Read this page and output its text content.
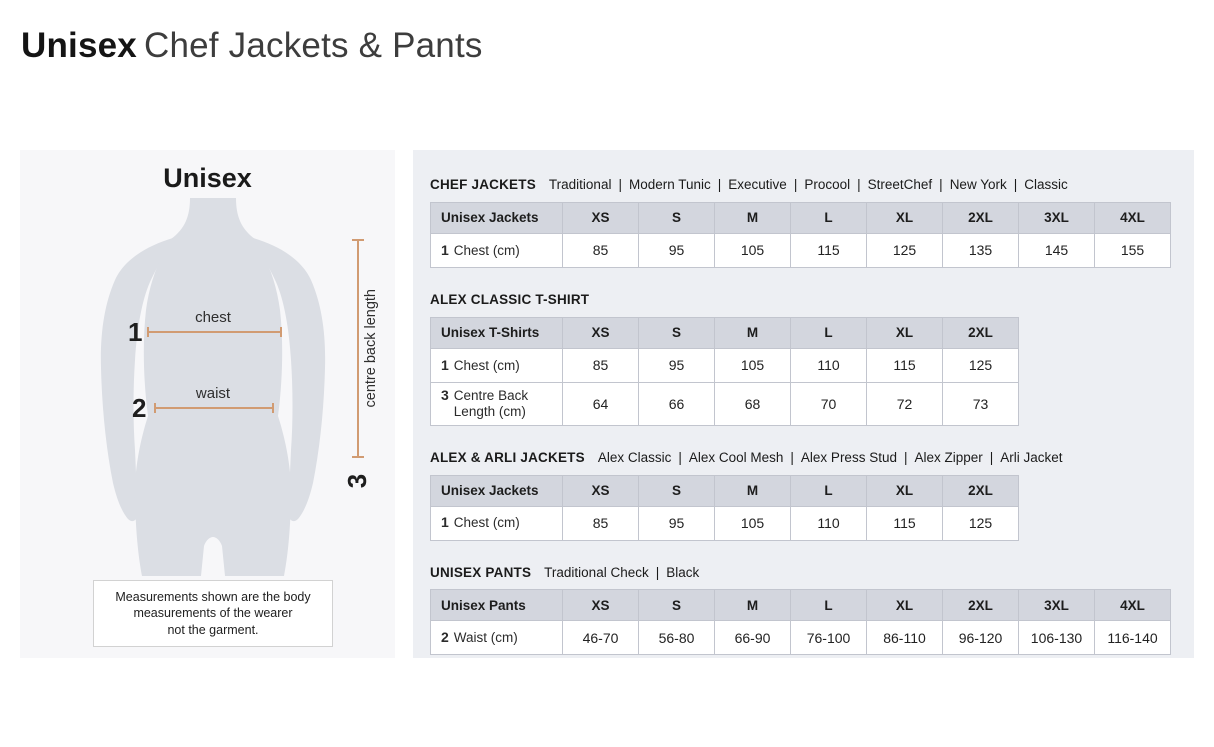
Unisex Chef Jackets & Pants
Unisex
1	chest
2	waist	centre back length
3
Measurements shown are the body
measurements of the wearer
not the garment.
CHEF JACKETS Traditional | Modern Tunic | Executive | Procool | StreetChef | New York | Classic
Unisex Jackets	XS	S	M	L	XL	2XL	3XL	4XL

1 Chest (cm)	85	95	105	115	125	135	145	155
ALEX CLASSIC T-SHIRT
Unisex T-Shirts	XS	S	M	L	XL	2XL

1 Chest (cm)	85	95	105	110	115	125

3 Centre Back Length (cm)	64	66	68	70	72	73
ALEX & ARLI JACKETS Alex Classic | Alex Cool Mesh | Alex Press Stud | Alex Zipper | Arli Jacket
Unisex Jackets	XS	S	M	L	XL	2XL

1 Chest (cm)	85	95	105	110	115	125
UNISEX PANTS Traditional Check | Black
Unisex Pants	XS	S	M	L	XL	2XL	3XL	4XL

2 Waist (cm)	46-70	56-80	66-90	76-100	86-110	96-120	106-130	116-140
